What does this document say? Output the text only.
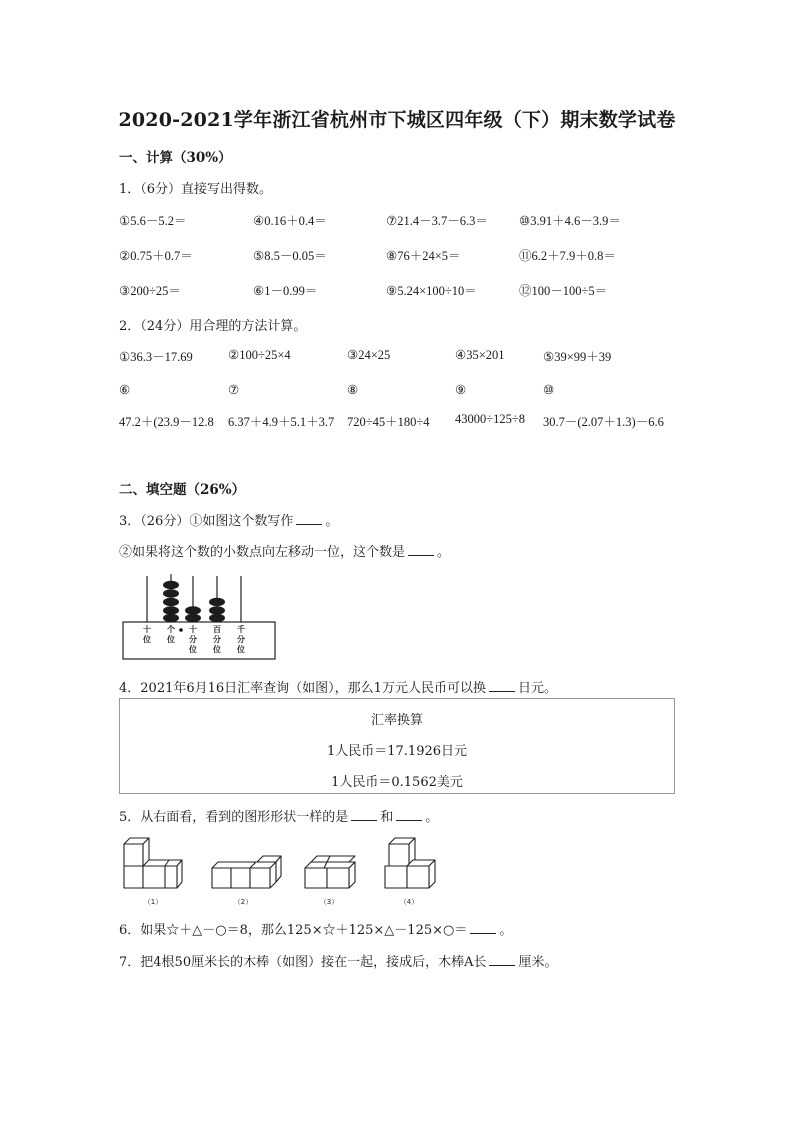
2020-2021学年浙江省杭州市下城区四年级（下）期末数学试卷
一、计算（30%）
1．（6分）直接写出得数。
①5.6－5.2＝	④0.16＋0.4＝	⑦21.4－3.7－6.3＝ ⑩3.91＋4.6－3.9＝
②0.75＋0.7＝	⑤8.5－0.05＝	⑧76＋24×5＝	⑪6.2＋7.9＋0.8＝
③200÷25＝	⑥1－0.99＝	⑨5.24×100÷10＝	⑫100－100÷5＝
2．（24分）用合理的方法计算。
①36.3－17.69	②100÷25×4	③24×25	④35×201	⑤39×99＋39
⑥	⑦	⑧	⑨	⑩
47.2＋(23.9－12.8	6.37＋4.9＋5.1＋3.7	720÷45＋180÷4	43000÷125÷8	30.7－(2.07＋1.3)－6.6
二、填空题（26%）
3．（26分）①如图这个数写作 。
②如果将这个数的小数点向左移动一位，这个数是 。
十
位
个
位
十
分
位
百
分
位
千
分
位
4．2021年6月16日汇率查询（如图），那么1万元人民币可以换 日元。
汇率换算
1人民币＝17.1926日元
1人民币＝0.1562美元
5．从右面看，看到的图形形状一样的是 和 。
（1）	（2）	（3）	（4）
6．如果☆＋△－○＝8，那么125×☆＋125×△－125×○＝ 。
7．把4根50厘米长的木棒（如图）接在一起，接成后，木棒A长 厘米。
